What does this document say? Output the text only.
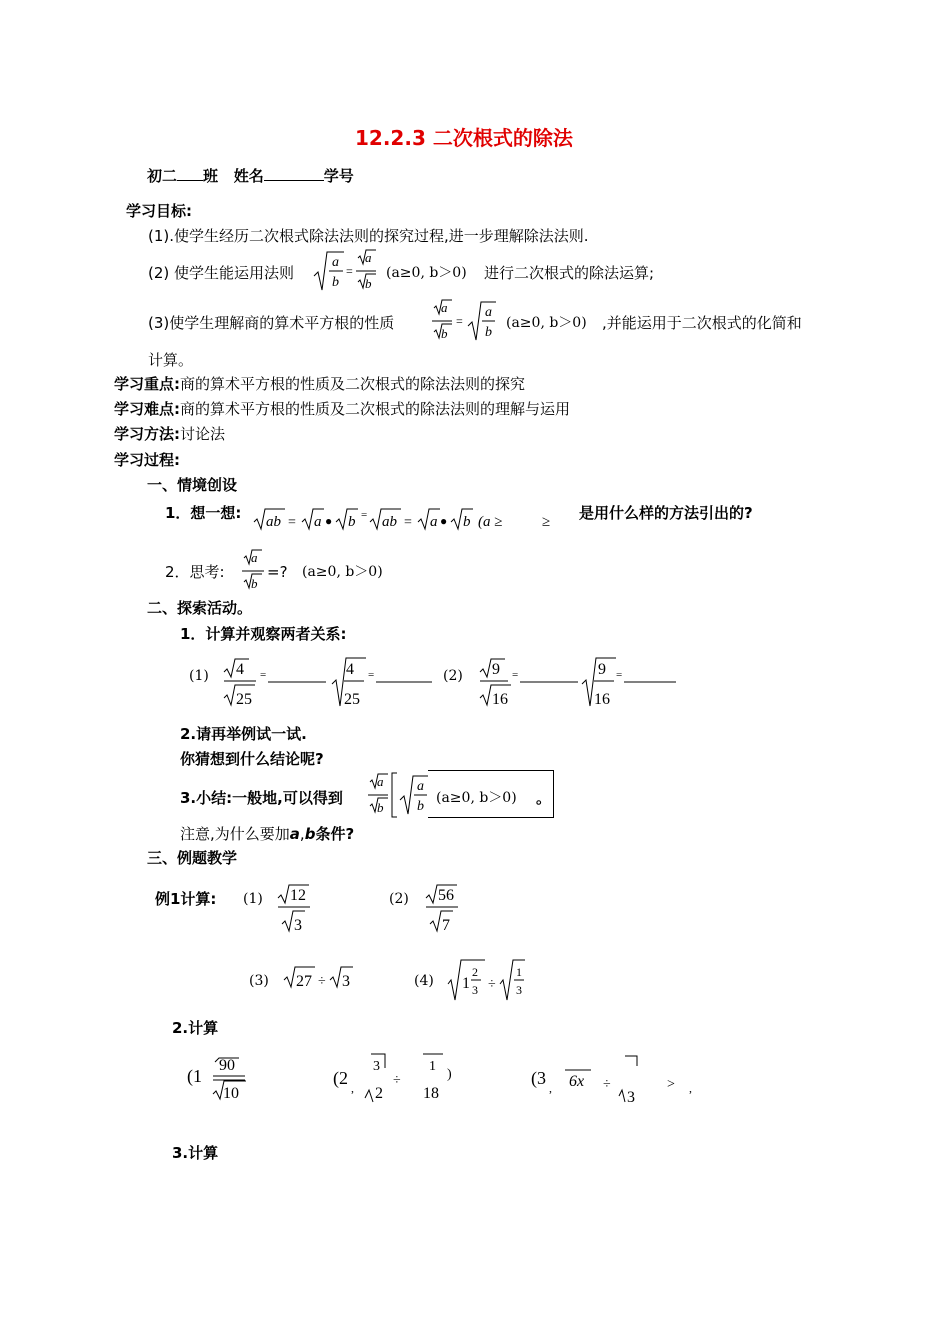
12.2.3 二次根式的除法
初二 班 姓名	学号
学习目标:
(1).使学生经历二次根式除法法则的探究过程,进一步理解除法法则.
(2) 使学生能运用法则
a
b
=
a
b
(a≥0, b＞0) 进行二次根式的除法运算;
(3)使学生理解商的算术平方根的性质
a
b
=
a
b
(a≥0, b＞0) ,并能运用于二次根式的化简和
计算。
学习重点:商的算术平方根的性质及二次根式的除法法则的探究
学习难点:商的算术平方根的性质及二次根式的除法法则的理解与运用
学习方法:讨论法
学习过程:
一、情境创设
1．想一想: ab = a ● b = ab = a ● b (a ≥	≥ 是用什么样的方法引出的?
2．思考:
a
b
=? (a≥0, b＞0)
二、探索活动。
1．计算并观察两者关系:
(1) 4
25
=	4
25
=	(2) 9
16
=	9
16
=
2.请再举例试一试.
你猜想到什么结论呢?
3.小结:一般地,可以得到
a
b
a
b
(a≥0, b＞0) 。
注意,为什么要加a,b条件?
三、例题教学
例1计算: (1) 12
3
(2) 56
7
(3) 27 ÷ 3	(4) 1
2
3 ÷
1
3
2.计算
(1
90
10
(2 ,
3
2
÷
1
18
)	(3 , 6x ÷
3
> ,
3.计算
